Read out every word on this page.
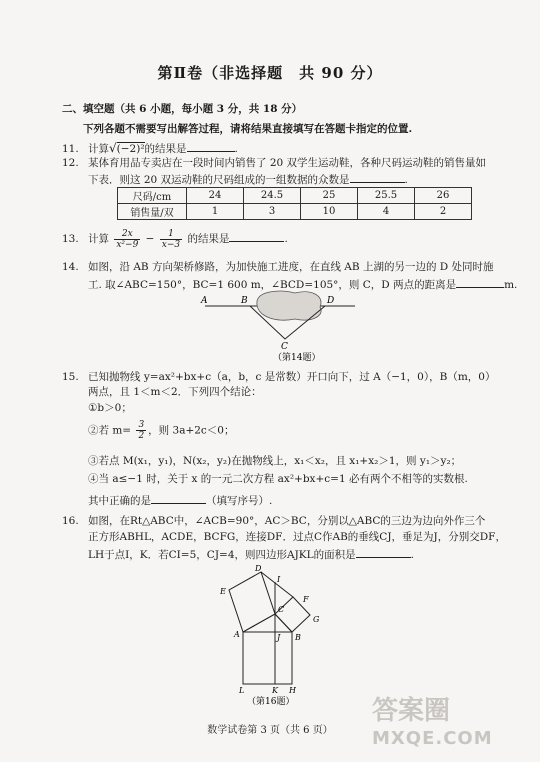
第Ⅱ卷（非选择题　共 90 分）
二、填空题（共 6 小题，每小题 3 分，共 18 分）
下列各题不需要写出解答过程，请将结果直接填写在答题卡指定的位置.
11. 计算√(−2)²的结果是	.
12. 某体育用品专卖店在一段时间内销售了 20 双学生运动鞋，各种尺码运动鞋的销售量如
下表．则这 20 双运动鞋的尺码组成的一组数据的众数是	.
尺码/cm	24	24.5	25	25.5	26
销售量/双	1	3	10	4	2
13. 计算 $\frac{2x}{\text{x²−9}} - \frac{1}{x-3}$ 的结果是	.
14. 如图，沿 AB 方向架桥修路，为加快施工进度，在直线 AB 上湖的另一边的 D 处同时施
工. 取∠ABC=150°，BC=1 600 m，∠BCD=105°，则 C，D 两点的距离是	m.
A	B
C
D
（第14题）
15. 已知抛物线 y=ax²+bx+c（a，b，c 是常数）开口向下，过 A（−1，0），B（m，0）
两点，且 1＜m＜2．下列四个结论：
①b＞0；
②若 $m= \frac{3}{2}$ ，则 3a+2c＜0；
③若点 M(x₁，y₁)，N(x₂，y₂)在抛物线上，x₁＜x₂，且 x₁+x₂＞1，则 y₁＞y₂；
④当 a≤−1 时，关于 x 的一元二次方程 ax²+bx+c=1 必有两个不相等的实数根.
其中正确的是	（填写序号）.
16. 如图，在Rt△ABC中，∠ACB=90°，AC＞BC，分别以△ABC的三边为边向外作三个
正方形ABHL，ACDE，BCFG，连接DF．过点C作AB的垂线CJ，垂足为J，分别交DF，
LH于点I，K．若CI=5，CJ=4，则四边形AJKL的面积是	.
D
I
E
F
C
G
A	J B
L	K H
（第16题）	答案圈
MXQE.COM
数学试卷第 3 页（共 6 页）
